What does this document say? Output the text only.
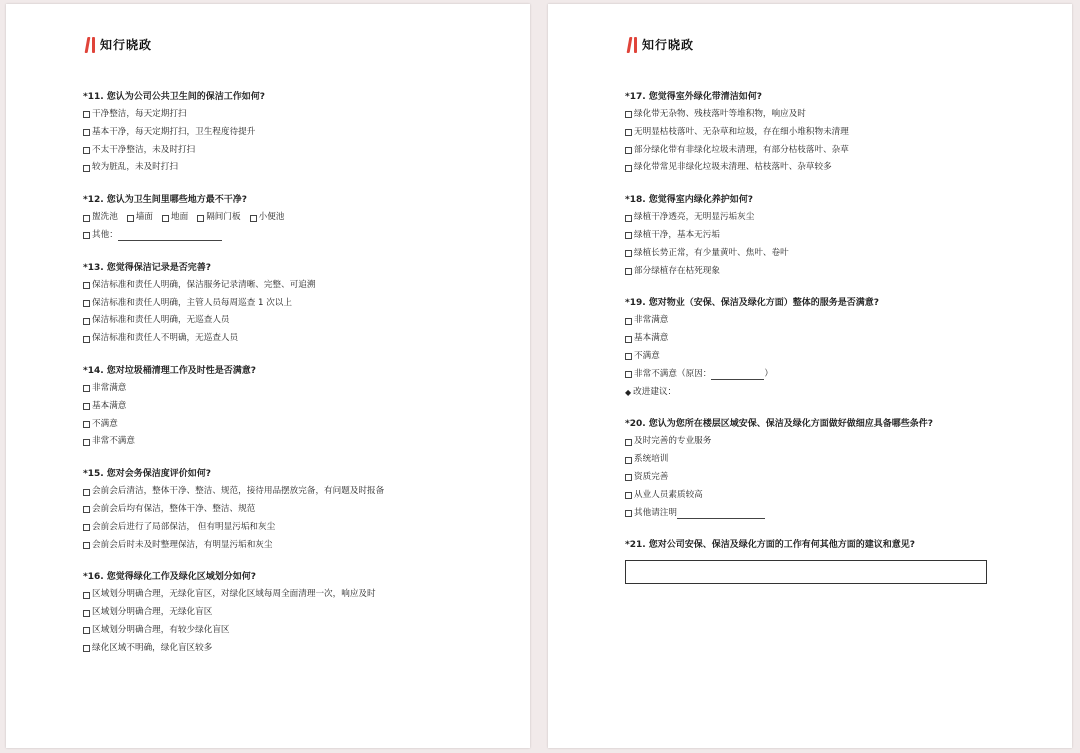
知行晓政
*11. 您认为公司公共卫生间的保洁工作如何?
干净整洁，每天定期打扫
基本干净，每天定期打扫，卫生程度待提升
不太干净整洁，未及时打扫
较为脏乱，未及时打扫
*12. 您认为卫生间里哪些地方最不干净?
盥洗池 墙面 地面 隔间门板 小便池
其他：
*13. 您觉得保洁记录是否完善?
保洁标准和责任人明确，保洁服务记录清晰、完整、可追溯
保洁标准和责任人明确，主管人员每周巡查 1 次以上
保洁标准和责任人明确，无巡查人员
保洁标准和责任人不明确，无巡查人员
*14. 您对垃圾桶清理工作及时性是否满意?
非常满意
基本满意
不满意
非常不满意
*15. 您对会务保洁度评价如何?
会前会后清洁，整体干净、整洁、规范，接待用品摆放完备，有问题及时报备
会前会后均有保洁，整体干净、整洁、规范
会前会后进行了局部保洁， 但有明显污垢和灰尘
会前会后时未及时整理保洁，有明显污垢和灰尘
*16. 您觉得绿化工作及绿化区域划分如何?
区域划分明确合理，无绿化盲区，对绿化区域每周全面清理一次，响应及时
区域划分明确合理，无绿化盲区
区域划分明确合理，有较少绿化盲区
绿化区域不明确，绿化盲区较多
知行晓政
*17. 您觉得室外绿化带清洁如何?
绿化带无杂物、残枝落叶等堆积物，响应及时
无明显枯枝落叶、无杂草和垃圾，存在细小堆积物未清理
部分绿化带有非绿化垃圾未清理，有部分枯枝落叶、杂草
绿化带常见非绿化垃圾未清理、枯枝落叶、杂草较多
*18. 您觉得室内绿化养护如何?
绿植干净透亮，无明显污垢灰尘
绿植干净，基本无污垢
绿植长势正常，有少量黄叶、焦叶、卷叶
部分绿植存在枯死现象
*19. 您对物业（安保、保洁及绿化方面）整体的服务是否满意?
非常满意
基本满意
不满意
非常不满意（原因：	）
◆ 改进建议：
*20. 您认为您所在楼层区域安保、保洁及绿化方面做好做细应具备哪些条件?
及时完善的专业服务
系统培训
资质完善
从业人员素质较高
其他请注明
*21. 您对公司安保、保洁及绿化方面的工作有何其他方面的建议和意见?
